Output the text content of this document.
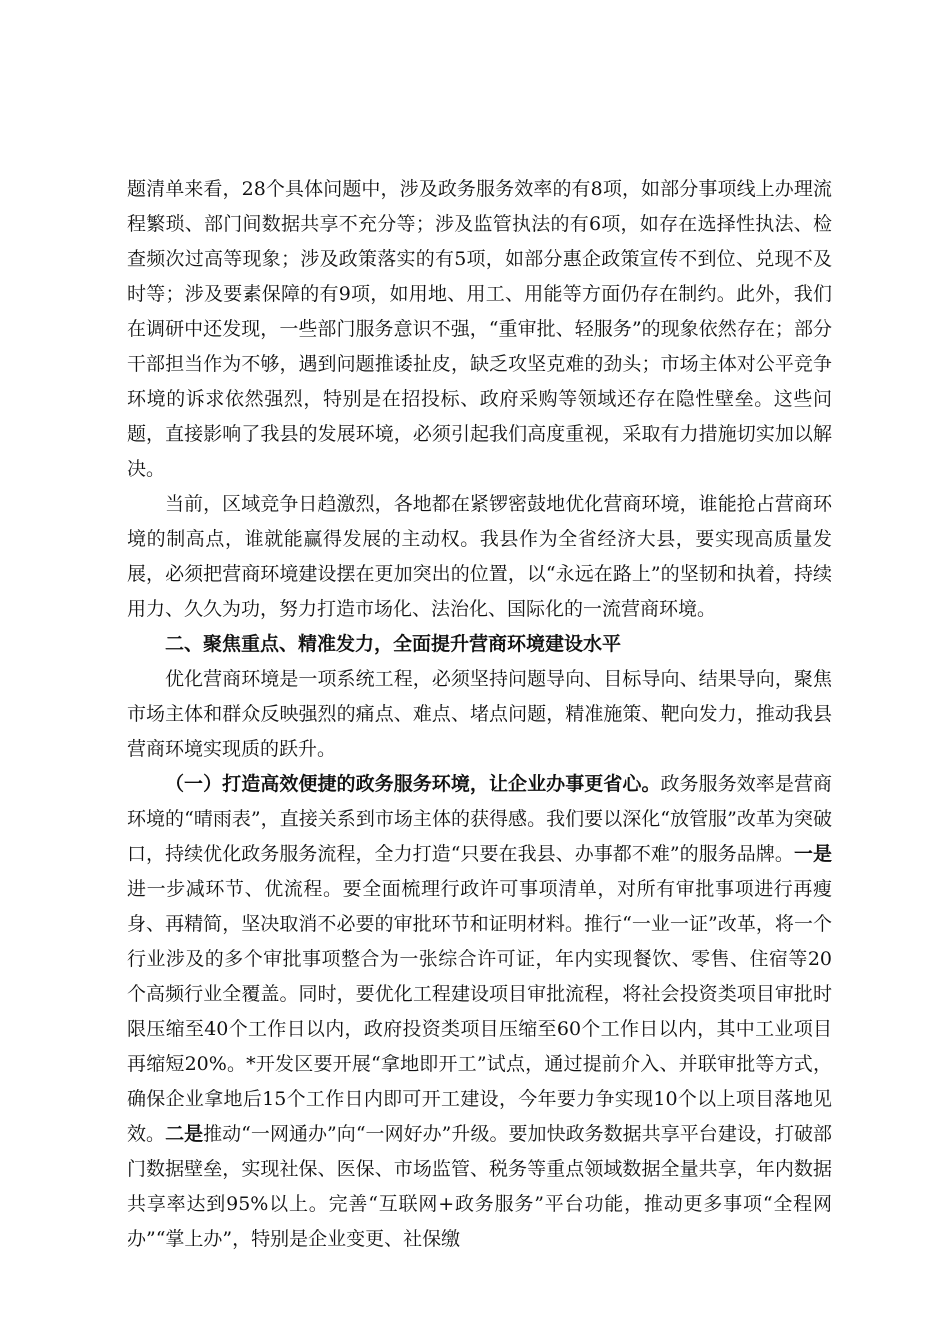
题清单来看，28个具体问题中，涉及政务服务效率的有8项，如部分事项线上办理流程繁琐、部门间数据共享不充分等；涉及监管执法的有6项，如存在选择性执法、检查频次过高等现象；涉及政策落实的有5项，如部分惠企政策宣传不到位、兑现不及时等；涉及要素保障的有9项，如用地、用工、用能等方面仍存在制约。此外，我们在调研中还发现，一些部门服务意识不强，“重审批、轻服务”的现象依然存在；部分干部担当作为不够，遇到问题推诿扯皮，缺乏攻坚克难的劲头；市场主体对公平竞争环境的诉求依然强烈，特别是在招投标、政府采购等领域还存在隐性壁垒。这些问题，直接影响了我县的发展环境，必须引起我们高度重视，采取有力措施切实加以解决。

当前，区域竞争日趋激烈，各地都在紧锣密鼓地优化营商环境，谁能抢占营商环境的制高点，谁就能赢得发展的主动权。我县作为全省经济大县，要实现高质量发展，必须把营商环境建设摆在更加突出的位置，以“永远在路上”的坚韧和执着，持续用力、久久为功，努力打造市场化、法治化、国际化的一流营商环境。

二、聚焦重点、精准发力，全面提升营商环境建设水平

优化营商环境是一项系统工程，必须坚持问题导向、目标导向、结果导向，聚焦市场主体和群众反映强烈的痛点、难点、堵点问题，精准施策、靶向发力，推动我县营商环境实现质的跃升。

（一）打造高效便捷的政务服务环境，让企业办事更省心。政务服务效率是营商环境的“晴雨表”，直接关系到市场主体的获得感。我们要以深化“放管服”改革为突破口，持续优化政务服务流程，全力打造“只要在我县、办事都不难”的服务品牌。一是进一步减环节、优流程。要全面梳理行政许可事项清单，对所有审批事项进行再瘦身、再精简，坚决取消不必要的审批环节和证明材料。推行“一业一证”改革，将一个行业涉及的多个审批事项整合为一张综合许可证，年内实现餐饮、零售、住宿等20个高频行业全覆盖。同时，要优化工程建设项目审批流程，将社会投资类项目审批时限压缩至40个工作日以内，政府投资类项目压缩至60个工作日以内，其中工业项目再缩短20%。*开发区要开展“拿地即开工”试点，通过提前介入、并联审批等方式，确保企业拿地后15个工作日内即可开工建设，今年要力争实现10个以上项目落地见效。二是推动“一网通办”向“一网好办”升级。要加快政务数据共享平台建设，打破部门数据壁垒，实现社保、医保、市场监管、税务等重点领域数据全量共享，年内数据共享率达到95%以上。完善“互联网+政务服务”平台功能，推动更多事项“全程网办”“掌上办”，特别是企业变更、社保缴
